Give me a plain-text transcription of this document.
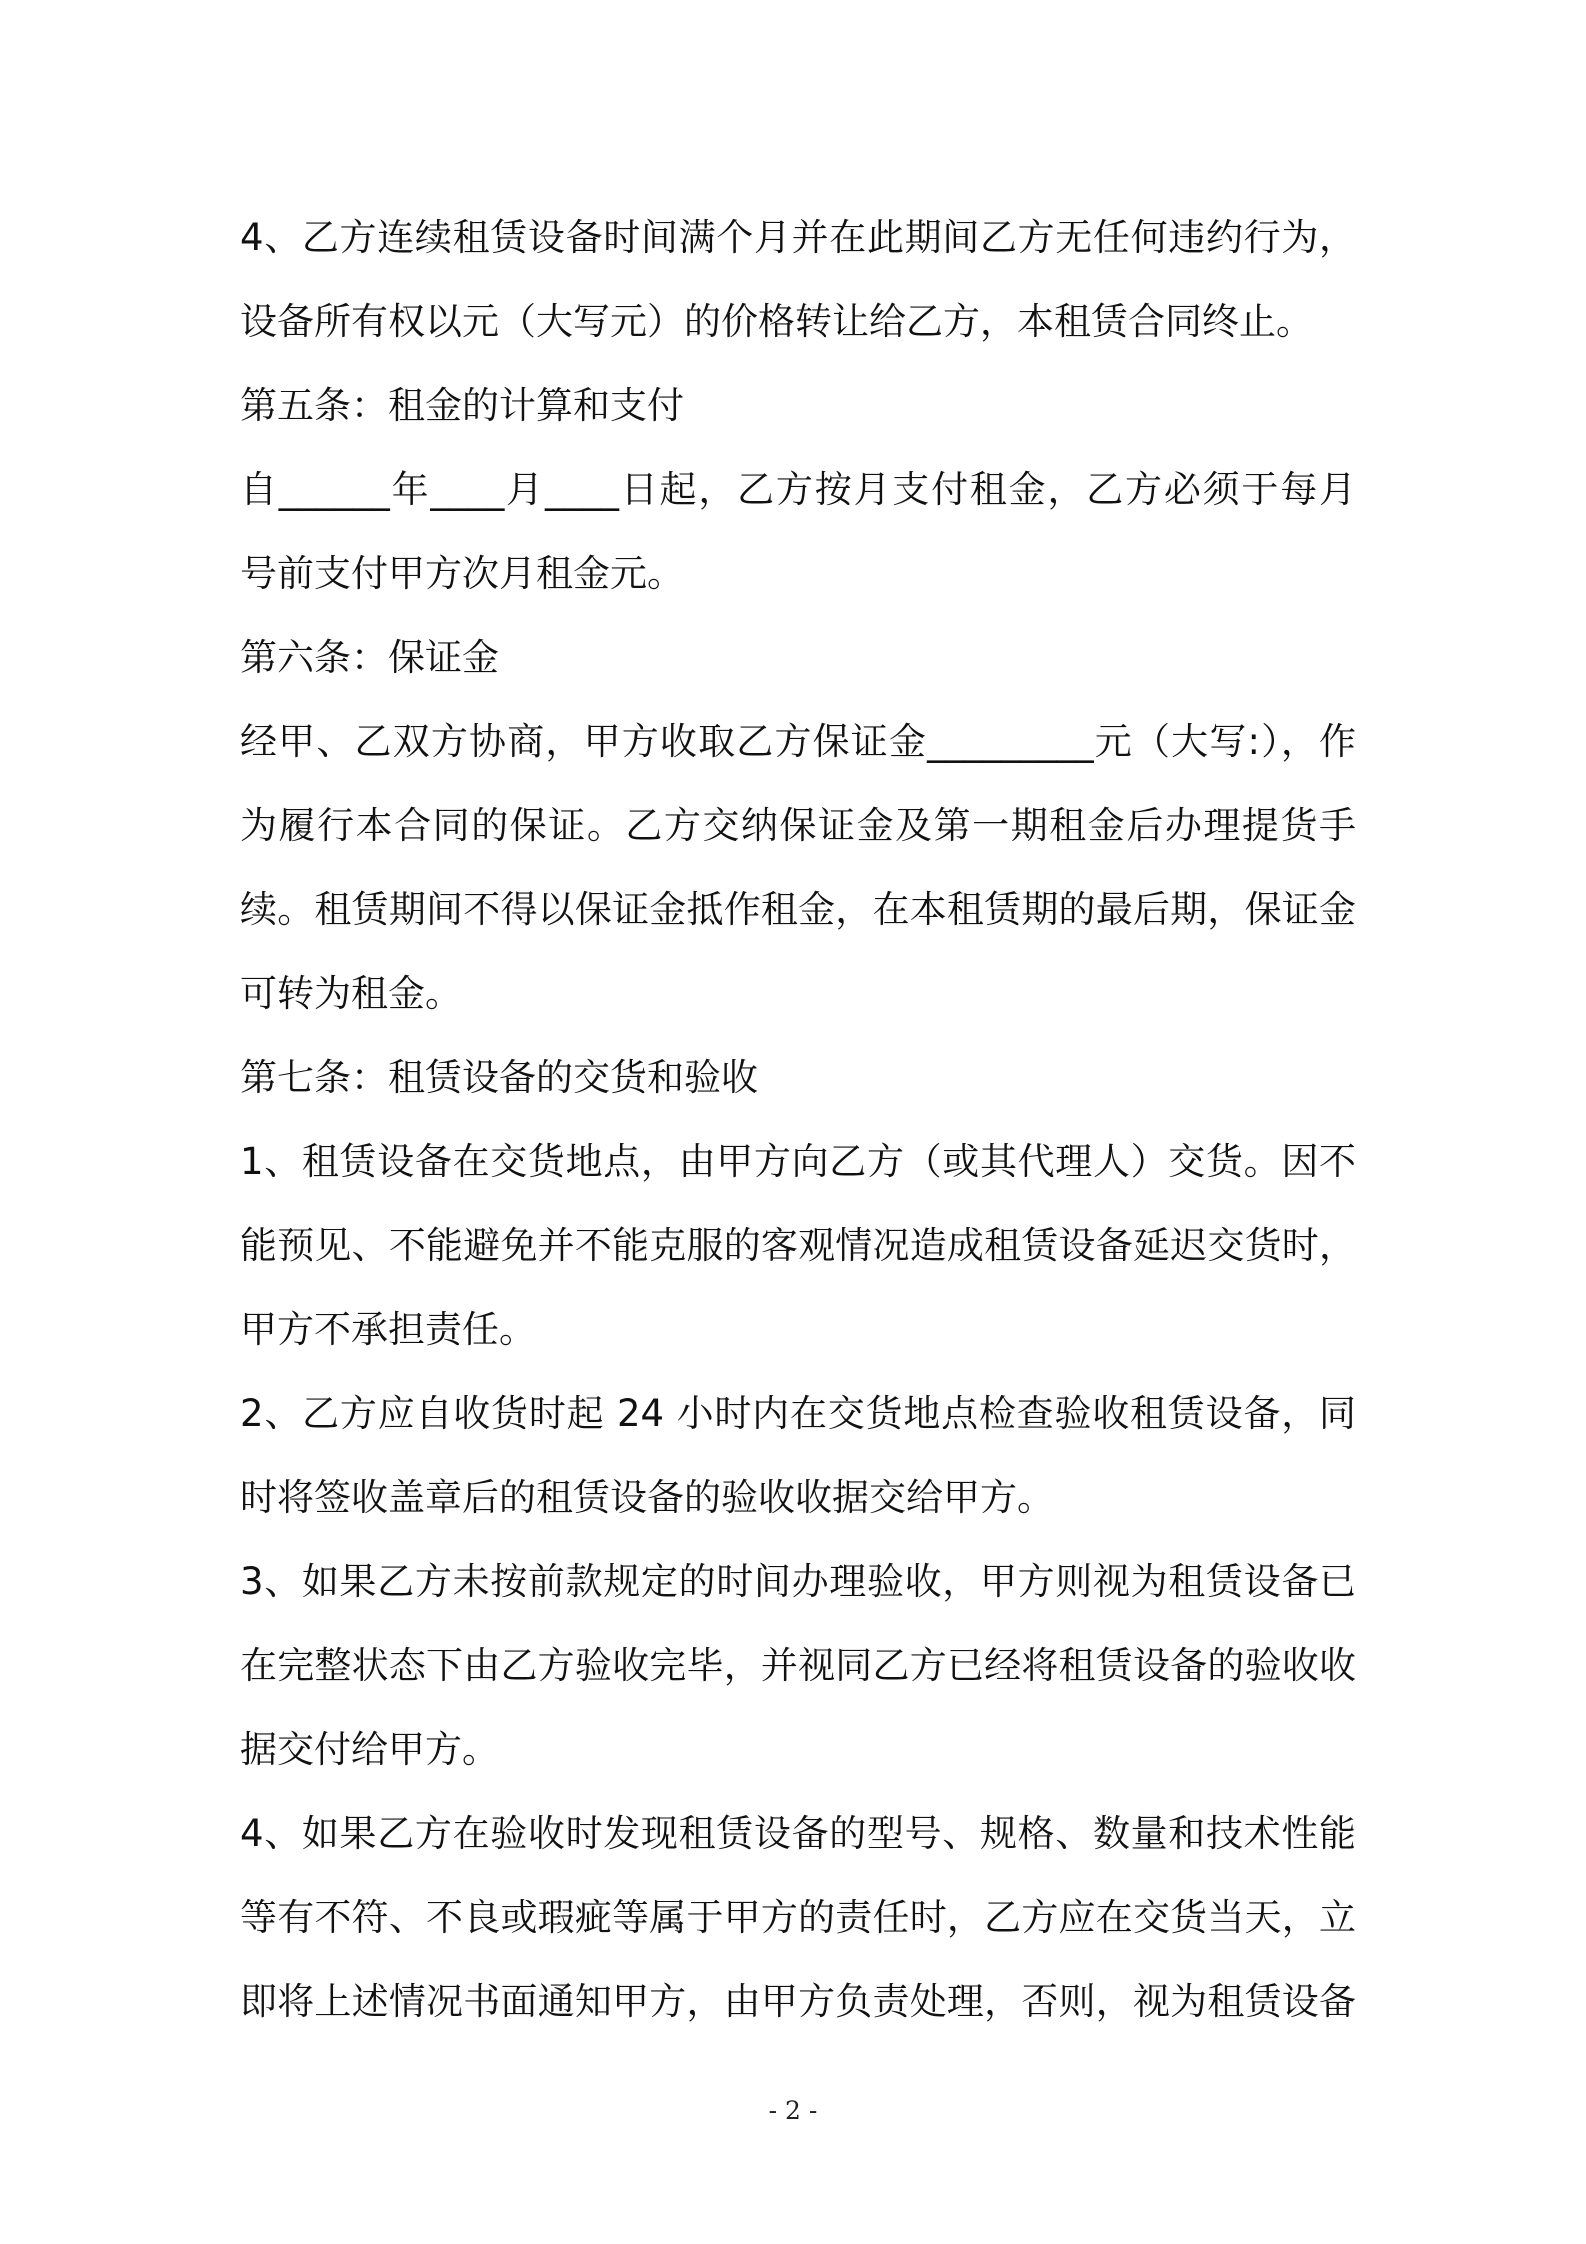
4、乙方连续租赁设备时间满个月并在此期间乙方无任何违约行为，
设备所有权以元（大写元）的价格转让给乙方，本租赁合同终止。
第五条：租金的计算和支付
自______年____月____日起，乙方按月支付租金，乙方必须于每月
号前支付甲方次月租金元。
第六条：保证金
经甲、乙双方协商，甲方收取乙方保证金_________元（大写:），作
为履行本合同的保证。乙方交纳保证金及第一期租金后办理提货手
续。租赁期间不得以保证金抵作租金，在本租赁期的最后期，保证金
可转为租金。
第七条：租赁设备的交货和验收
1、租赁设备在交货地点，由甲方向乙方（或其代理人）交货。因不
能预见、不能避免并不能克服的客观情况造成租赁设备延迟交货时，
甲方不承担责任。
2、乙方应自收货时起 24 小时内在交货地点检查验收租赁设备，同
时将签收盖章后的租赁设备的验收收据交给甲方。
3、如果乙方未按前款规定的时间办理验收，甲方则视为租赁设备已
在完整状态下由乙方验收完毕，并视同乙方已经将租赁设备的验收收
据交付给甲方。
4、如果乙方在验收时发现租赁设备的型号、规格、数量和技术性能
等有不符、不良或瑕疵等属于甲方的责任时，乙方应在交货当天，立
即将上述情况书面通知甲方，由甲方负责处理，否则，视为租赁设备
- 2 -
